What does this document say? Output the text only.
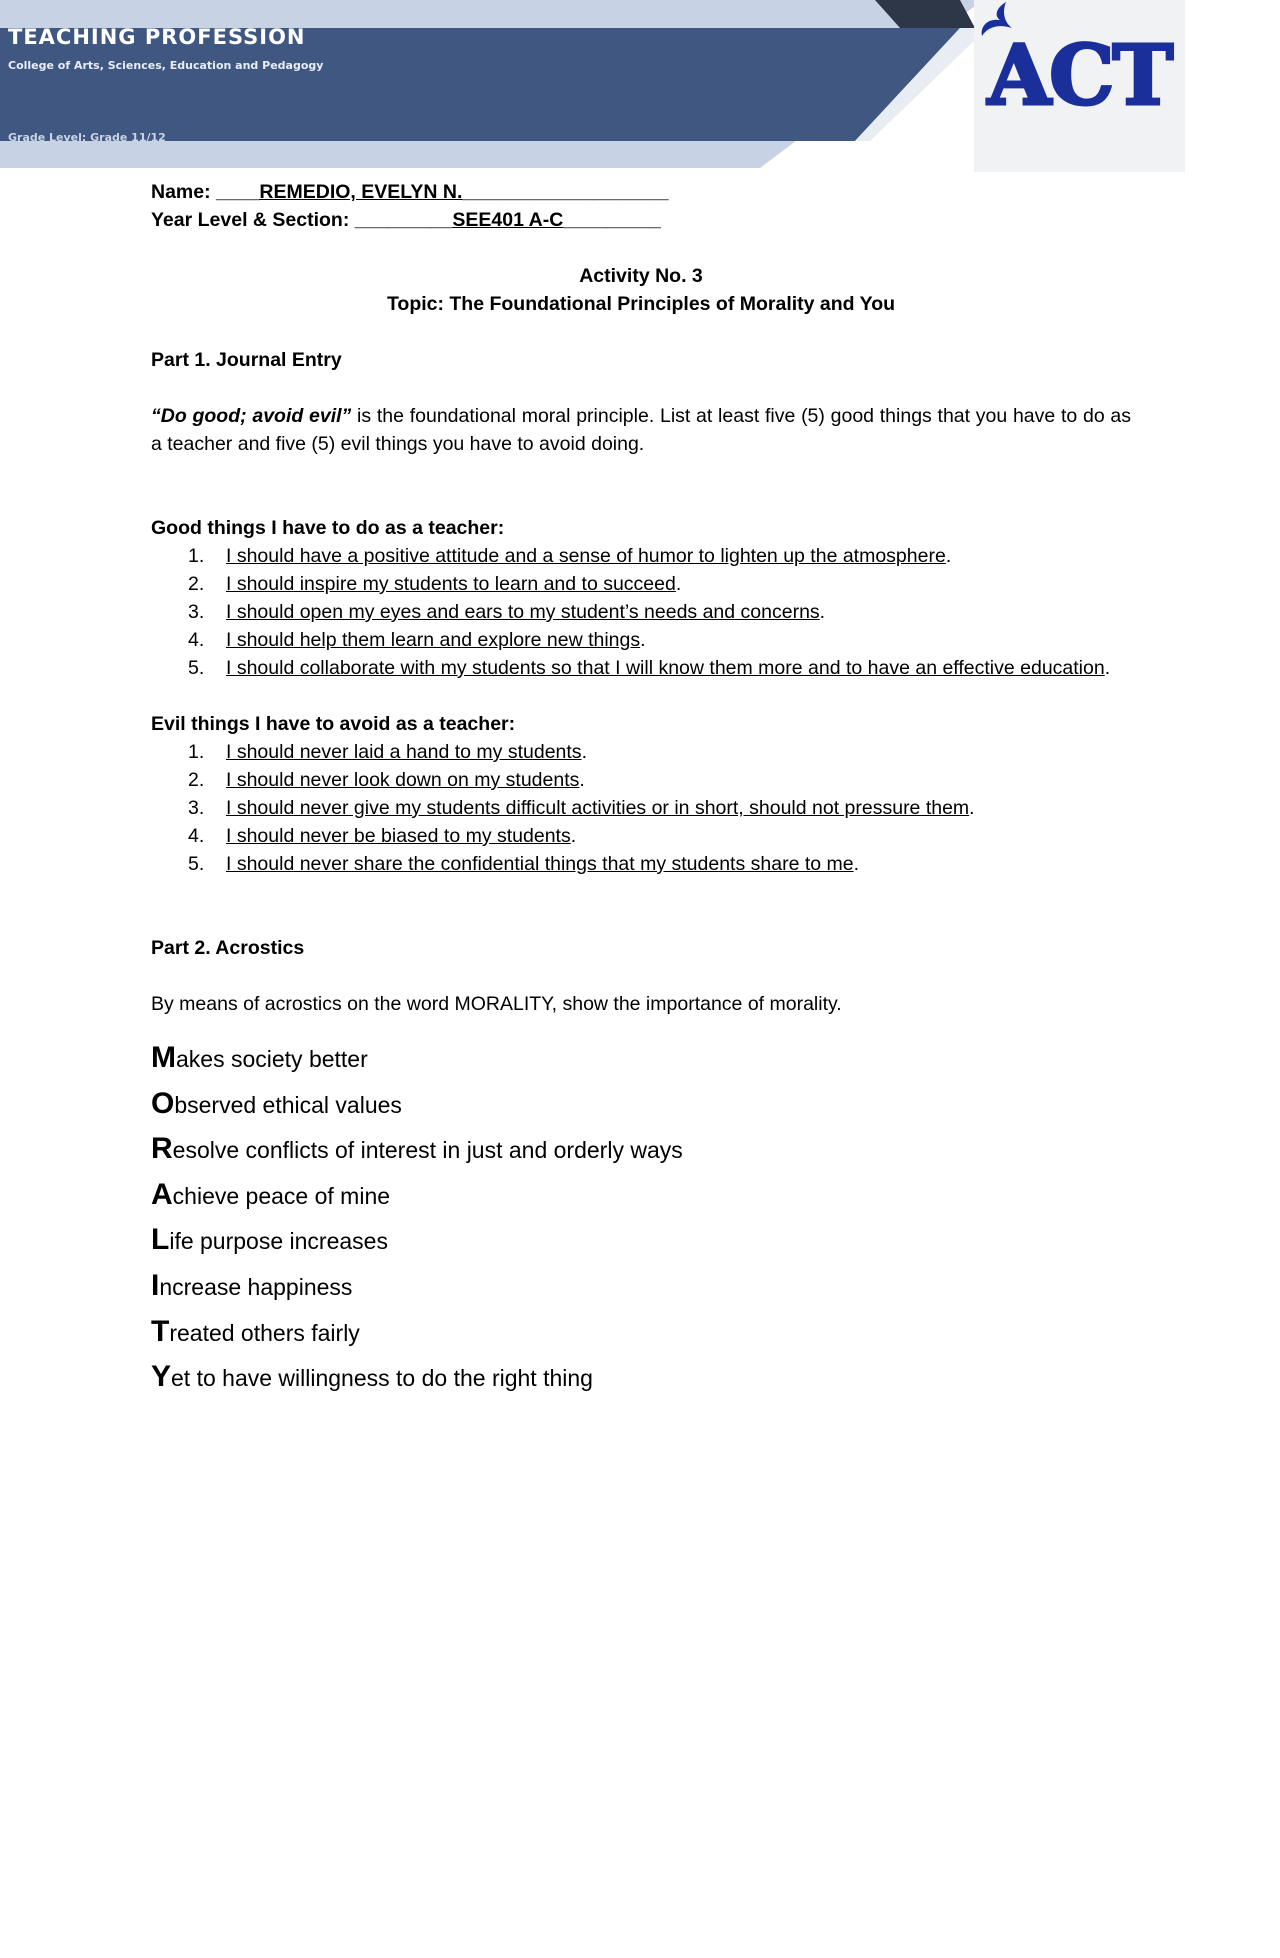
TEACHING PROFESSION
College of Arts, Sciences, Education and Pedagogy
Grade Level: Grade 11/12
ACT
Name: ____REMEDIO, EVELYN N.___________________
Year Level & Section: _________SEE401 A-C_________
Activity No. 3
Topic: The Foundational Principles of Morality and You
Part 1. Journal Entry
“Do good; avoid evil” is the foundational moral principle. List at least five (5) good things that you have to do as a teacher and five (5) evil things you have to avoid doing.
Good things I have to do as a teacher:
1. I should have a positive attitude and a sense of humor to lighten up the atmosphere.
2. I should inspire my students to learn and to succeed.
3. I should open my eyes and ears to my student’s needs and concerns.
4. I should help them learn and explore new things.
5. I should collaborate with my students so that I will know them more and to have an effective education.
Evil things I have to avoid as a teacher:
1. I should never laid a hand to my students.
2. I should never look down on my students.
3. I should never give my students difficult activities or in short, should not pressure them.
4. I should never be biased to my students.
5. I should never share the confidential things that my students share to me.
Part 2. Acrostics
By means of acrostics on the word MORALITY, show the importance of morality.
Makes society better
Observed ethical values
Resolve conflicts of interest in just and orderly ways
Achieve peace of mine
Life purpose increases
Increase happiness
Treated others fairly
Yet to have willingness to do the right thing
